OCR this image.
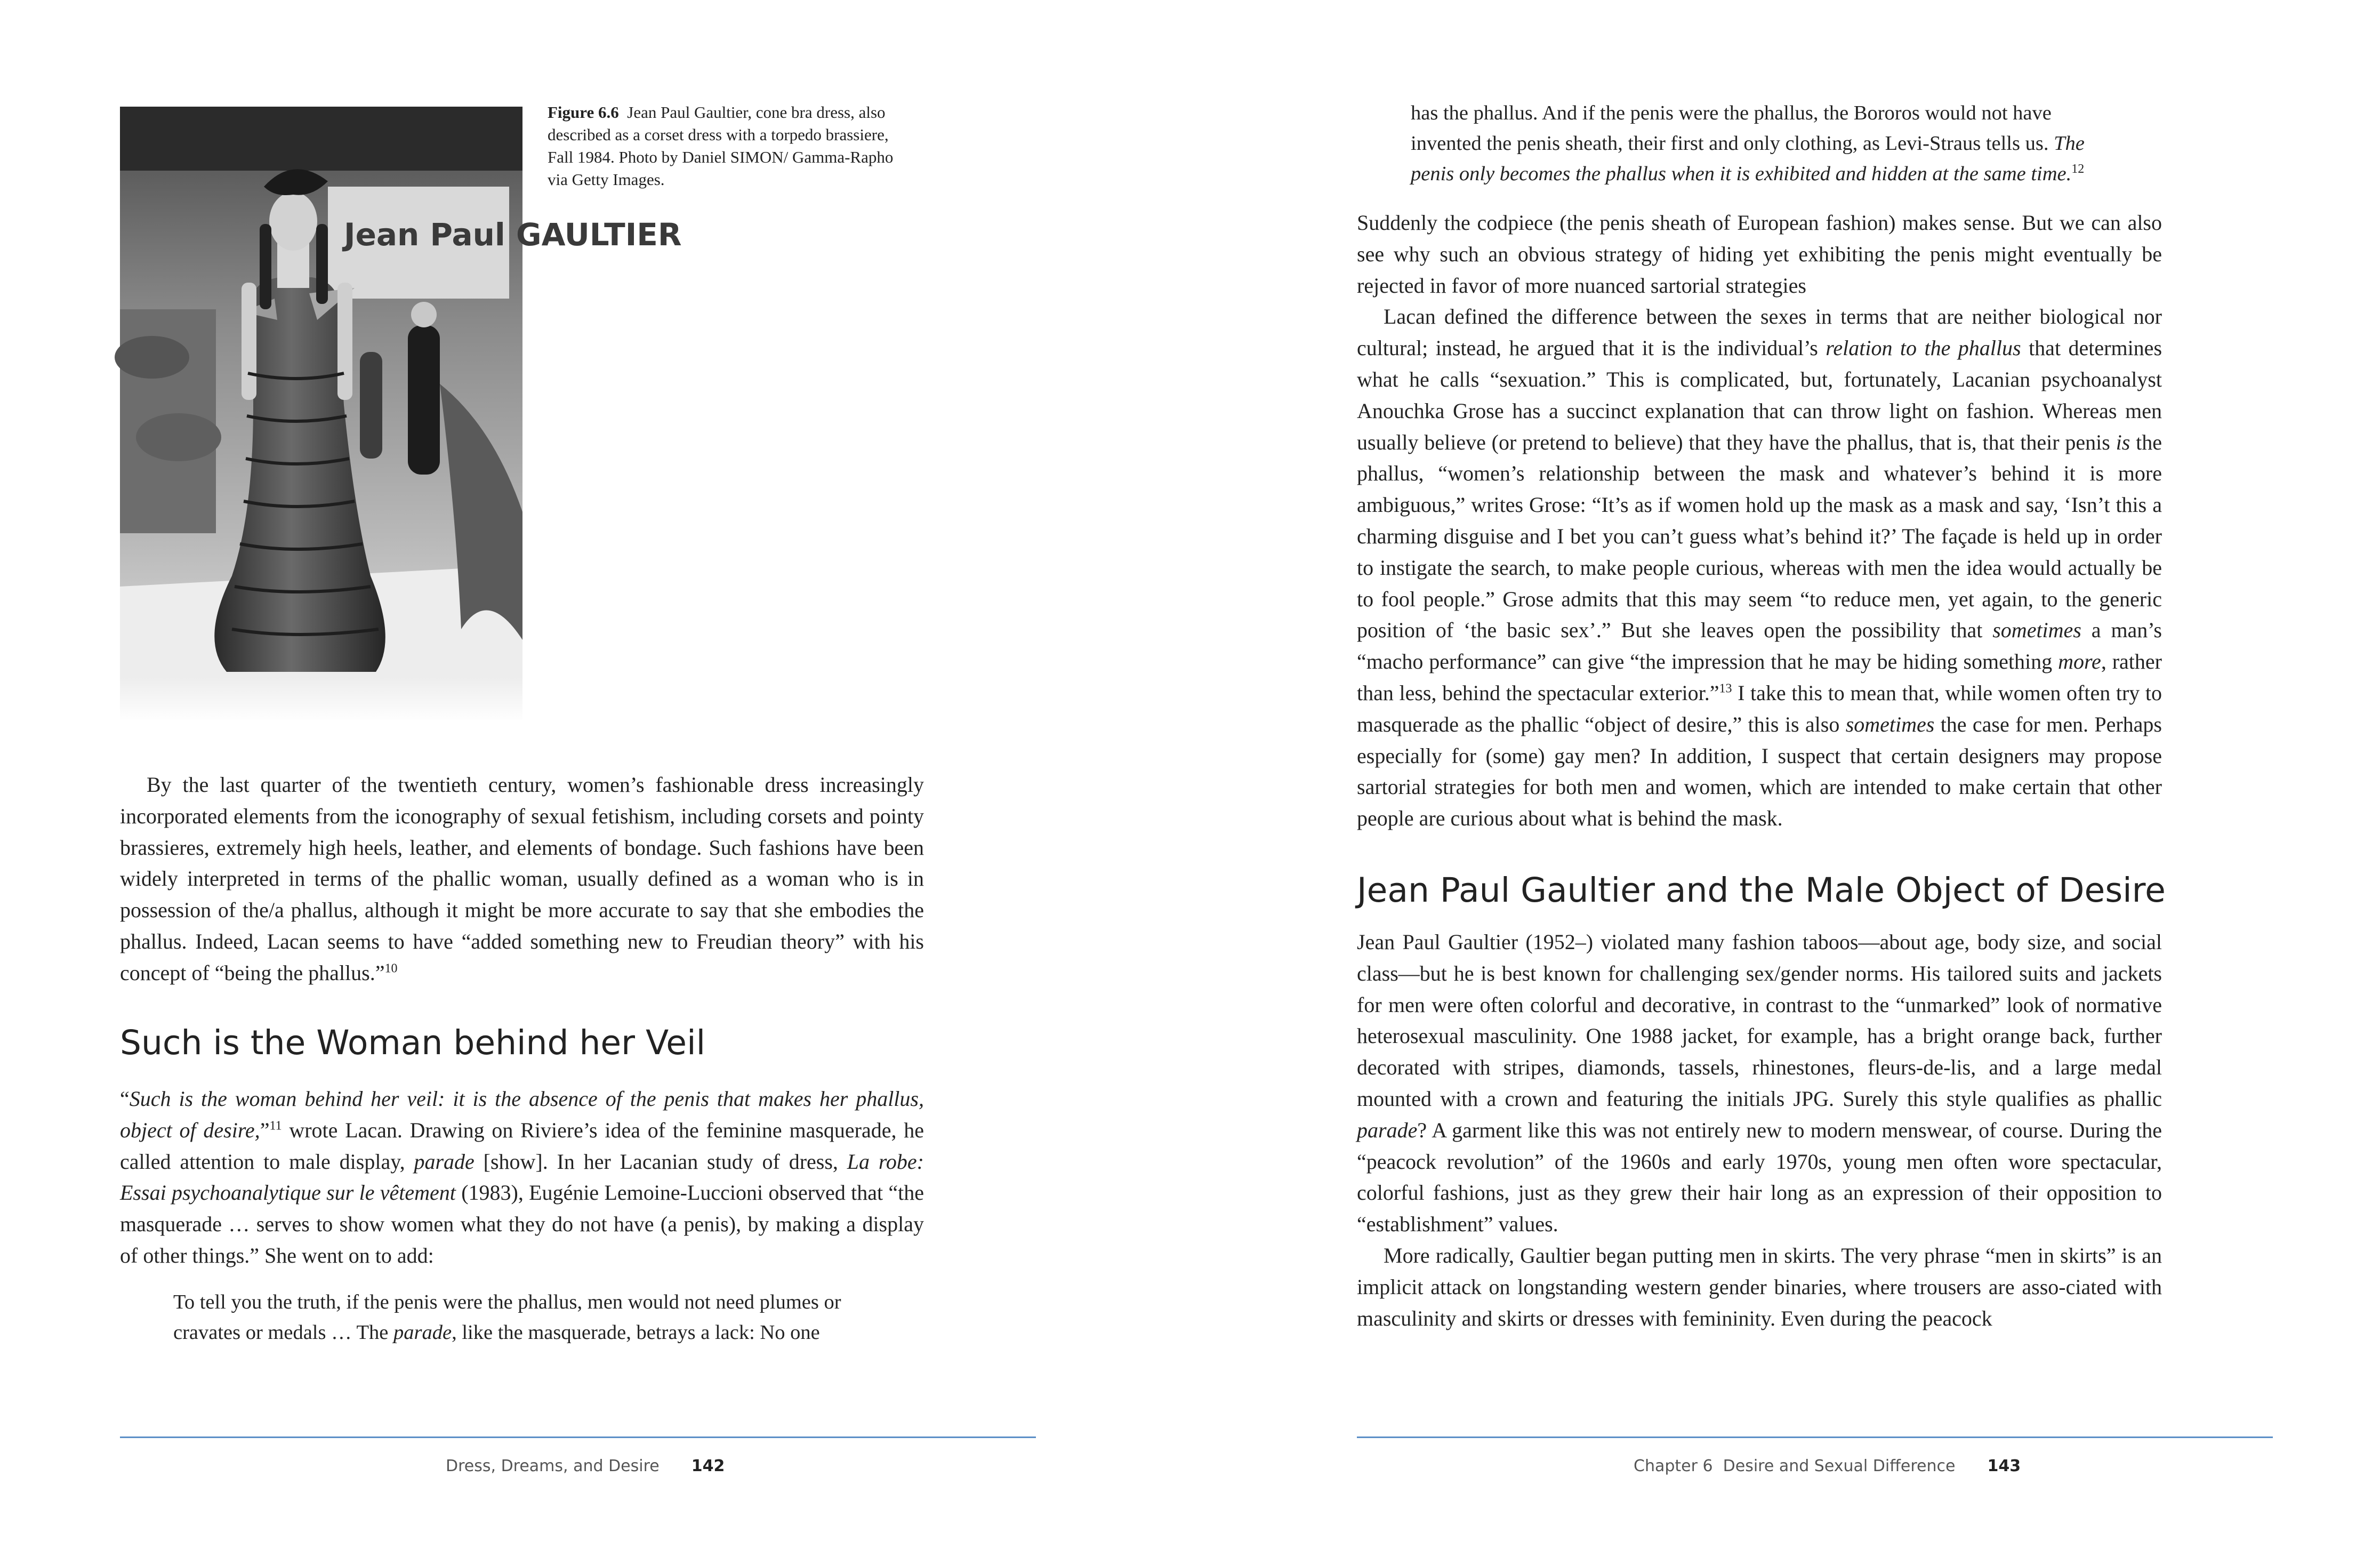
Jean Paul GAULTIER
Figure 6.6 Jean Paul Gaultier, cone bra dress, also described as a corset dress with a torpedo brassiere, Fall 1984. Photo by Daniel SIMON/ Gamma-Rapho via Getty Images.
By the last quarter of the twentieth century, women’s fashionable dress increasingly incorporated elements from the iconography of sexual fetishism, including corsets and pointy brassieres, extremely high heels, leather, and elements of bondage. Such fashions have been widely interpreted in terms of the phallic woman, usually defined as a woman who is in possession of the/a phallus, although it might be more accurate to say that she embodies the phallus. Indeed, Lacan seems to have “added something new to Freudian theory” with his concept of “being the phallus.”$^{10}$
Such is the Woman behind her Veil
“Such is the woman behind her veil: it is the absence of the penis that makes her phallus, object of desire,”$^{11}$ wrote Lacan. Drawing on Riviere’s idea of the feminine masquerade, he called attention to male display, parade [show]. In her Lacanian study of dress, La robe: Essai psychoanalytique sur le vêtement (1983), Eugénie Lemoine-Luccioni observed that “the masquerade … serves to show women what they do not have (a penis), by making a display of other things.” She went on to add:
To tell you the truth, if the penis were the phallus, men would not need plumes or cravates or medals … The parade, like the masquerade, betrays a lack: No one
Dress, Dreams, and Desire 142
has the phallus. And if the penis were the phallus, the Bororos would not have invented the penis sheath, their first and only clothing, as Levi-Straus tells us. The penis only becomes the phallus when it is exhibited and hidden at the same time.$^{12}$

Suddenly the codpiece (the penis sheath of European fashion) makes sense. But we can also see why such an obvious strategy of hiding yet exhibiting the penis might eventually be rejected in favor of more nuanced sartorial strategies

Lacan defined the difference between the sexes in terms that are neither biological nor cultural; instead, he argued that it is the individual’s relation to the phallus that determines what he calls “sexuation.” This is complicated, but, fortunately, Lacanian psychoanalyst Anouchka Grose has a succinct explanation that can throw light on fashion. Whereas men usually believe (or pretend to believe) that they have the phallus, that is, that their penis is the phallus, “women’s relationship between the mask and whatever’s behind it is more ambiguous,” writes Grose: “It’s as if women hold up the mask as a mask and say, ‘Isn’t this a charming disguise and I bet you can’t guess what’s behind it?’ The façade is held up in order to instigate the search, to make people curious, whereas with men the idea would actually be to fool people.” Grose admits that this may seem “to reduce men, yet again, to the generic position of ‘the basic sex’.” But she leaves open the possibility that sometimes a man’s “macho performance” can give “the impression that he may be hiding something more, rather than less, behind the spectacular exterior.”$^{13}$ I take this to mean that, while women often try to masquerade as the phallic “object of desire,” this is also sometimes the case for men. Perhaps especially for (some) gay men? In addition, I suspect that certain designers may propose sartorial strategies for both men and women, which are intended to make certain that other people are curious about what is behind the mask.

Jean Paul Gaultier and the Male Object of Desire

Jean Paul Gaultier (1952–) violated many fashion taboos—about age, body size, and social class—but he is best known for challenging sex/gender norms. His tailored suits and jackets for men were often colorful and decorative, in contrast to the “unmarked” look of normative heterosexual masculinity. One 1988 jacket, for example, has a bright orange back, further decorated with stripes, diamonds, tassels, rhinestones, fleurs-de-lis, and a large medal mounted with a crown and featuring the initials JPG. Surely this style qualifies as phallic parade? A garment like this was not entirely new to modern menswear, of course. During the “peacock revolution” of the 1960s and early 1970s, young men often wore spectacular, colorful fashions, just as they grew their hair long as an expression of their opposition to “establishment” values.

More radically, Gaultier began putting men in skirts. The very phrase “men in skirts” is an implicit attack on longstanding western gender binaries, where trousers are asso-ciated with masculinity and skirts or dresses with femininity. Even during the peacock

Chapter 6  Desire and Sexual Difference 143
